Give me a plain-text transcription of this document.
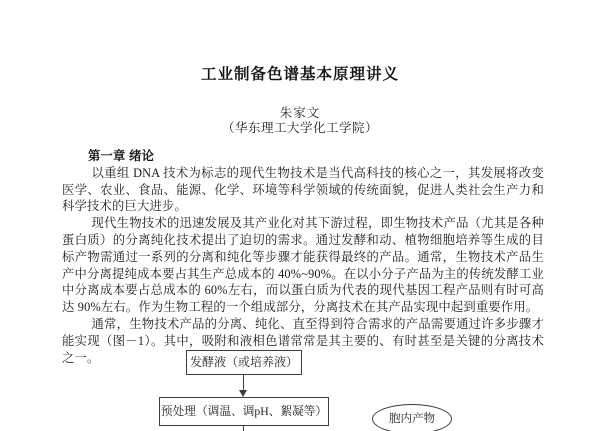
工业制备色谱基本原理讲义
朱家文
（华东理工大学化工学院）
第一章 绪论

以重组 DNA 技术为标志的现代生物技术是当代高科技的核心之一，其发展将改变医学、农业、食品、能源、化学、环境等科学领域的传统面貌，促进人类社会生产力和科学技术的巨大进步。

现代生物技术的迅速发展及其产业化对其下游过程，即生物技术产品（尤其是各种蛋白质）的分离纯化技术提出了迫切的需求。通过发酵和动、植物细胞培养等生成的目标产物需通过一系列的分离和纯化等步骤才能获得最终的产品。通常，生物技术产品生产中分离提纯成本要占其生产总成本的 40%~90%。在以小分子产品为主的传统发酵工业中分离成本要占总成本的 60%左右，而以蛋白质为代表的现代基因工程产品则有时可高达 90%左右。作为生物工程的一个组成部分，分离技术在其产品实现中起到重要作用。

通常，生物技术产品的分离、纯化、直至得到符合需求的产品需要通过许多步骤才能实现（图－1）。其中，吸附和液相色谱常常是其主要的、有时甚至是关键的分离技术之一。	发酵液（或培养液）
预处理（调温、调pH、絮凝等）
胞内产物
